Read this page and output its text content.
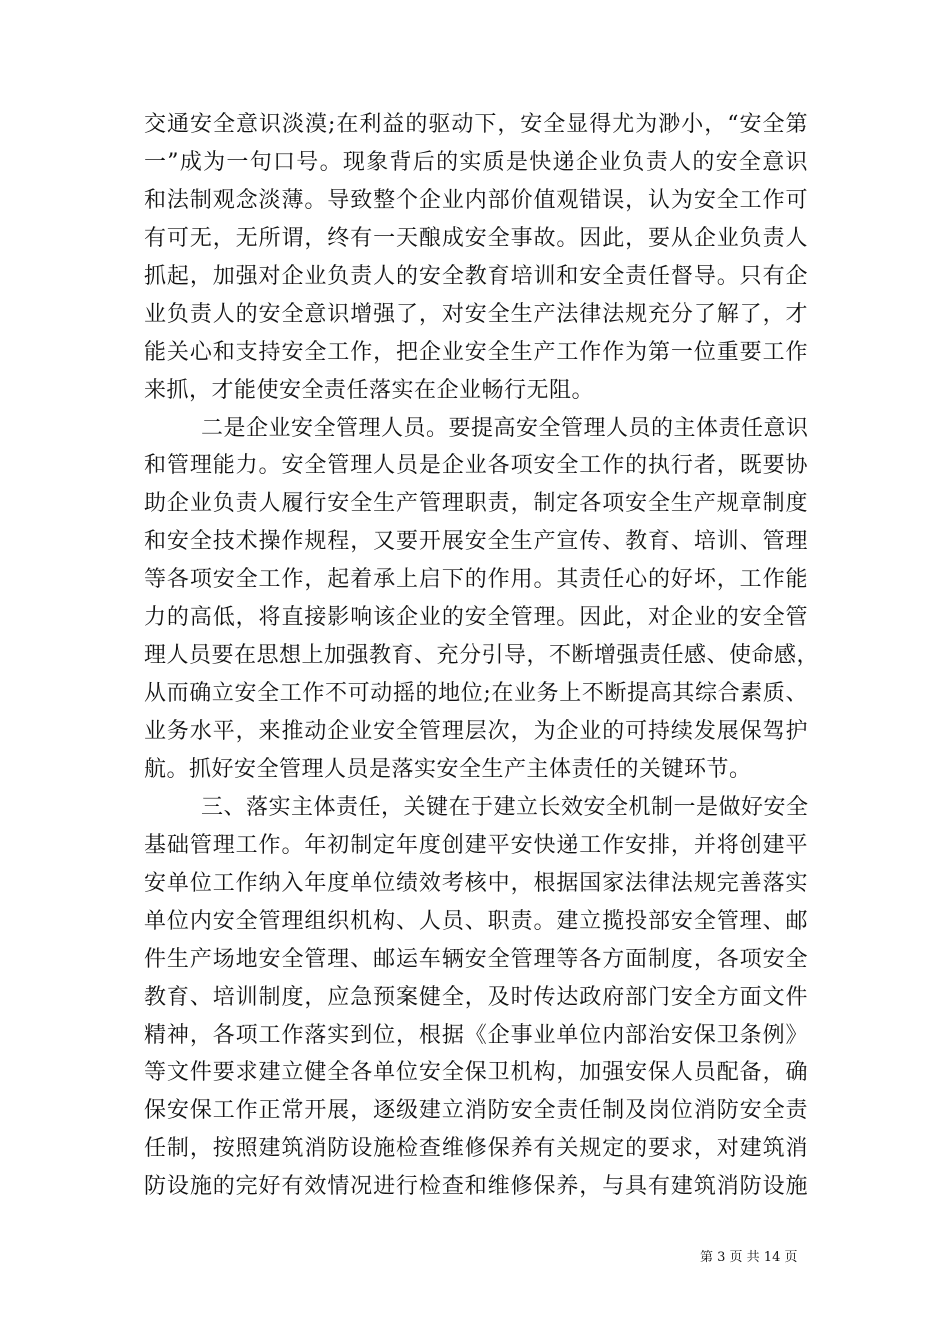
交通安全意识淡漠;在利益的驱动下，安全显得尤为渺小，“安全第
一”成为一句口号。现象背后的实质是快递企业负责人的安全意识
和法制观念淡薄。导致整个企业内部价值观错误，认为安全工作可
有可无，无所谓，终有一天酿成安全事故。因此，要从企业负责人
抓起，加强对企业负责人的安全教育培训和安全责任督导。只有企
业负责人的安全意识增强了，对安全生产法律法规充分了解了，才
能关心和支持安全工作，把企业安全生产工作作为第一位重要工作
来抓，才能使安全责任落实在企业畅行无阻。
二是企业安全管理人员。要提高安全管理人员的主体责任意识
和管理能力。安全管理人员是企业各项安全工作的执行者，既要协
助企业负责人履行安全生产管理职责，制定各项安全生产规章制度
和安全技术操作规程，又要开展安全生产宣传、教育、培训、管理
等各项安全工作，起着承上启下的作用。其责任心的好坏，工作能
力的高低，将直接影响该企业的安全管理。因此，对企业的安全管
理人员要在思想上加强教育、充分引导，不断增强责任感、使命感，
从而确立安全工作不可动摇的地位;在业务上不断提高其综合素质、
业务水平，来推动企业安全管理层次，为企业的可持续发展保驾护
航。抓好安全管理人员是落实安全生产主体责任的关键环节。
三、落实主体责任，关键在于建立长效安全机制一是做好安全
基础管理工作。年初制定年度创建平安快递工作安排，并将创建平
安单位工作纳入年度单位绩效考核中，根据国家法律法规完善落实
单位内安全管理组织机构、人员、职责。建立揽投部安全管理、邮
件生产场地安全管理、邮运车辆安全管理等各方面制度，各项安全
教育、培训制度，应急预案健全，及时传达政府部门安全方面文件
精神，各项工作落实到位，根据《企事业单位内部治安保卫条例》
等文件要求建立健全各单位安全保卫机构，加强安保人员配备，确
保安保工作正常开展，逐级建立消防安全责任制及岗位消防安全责
任制，按照建筑消防设施检查维修保养有关规定的要求，对建筑消
防设施的完好有效情况进行检查和维修保养，与具有建筑消防设施
第 3 页 共 14 页
